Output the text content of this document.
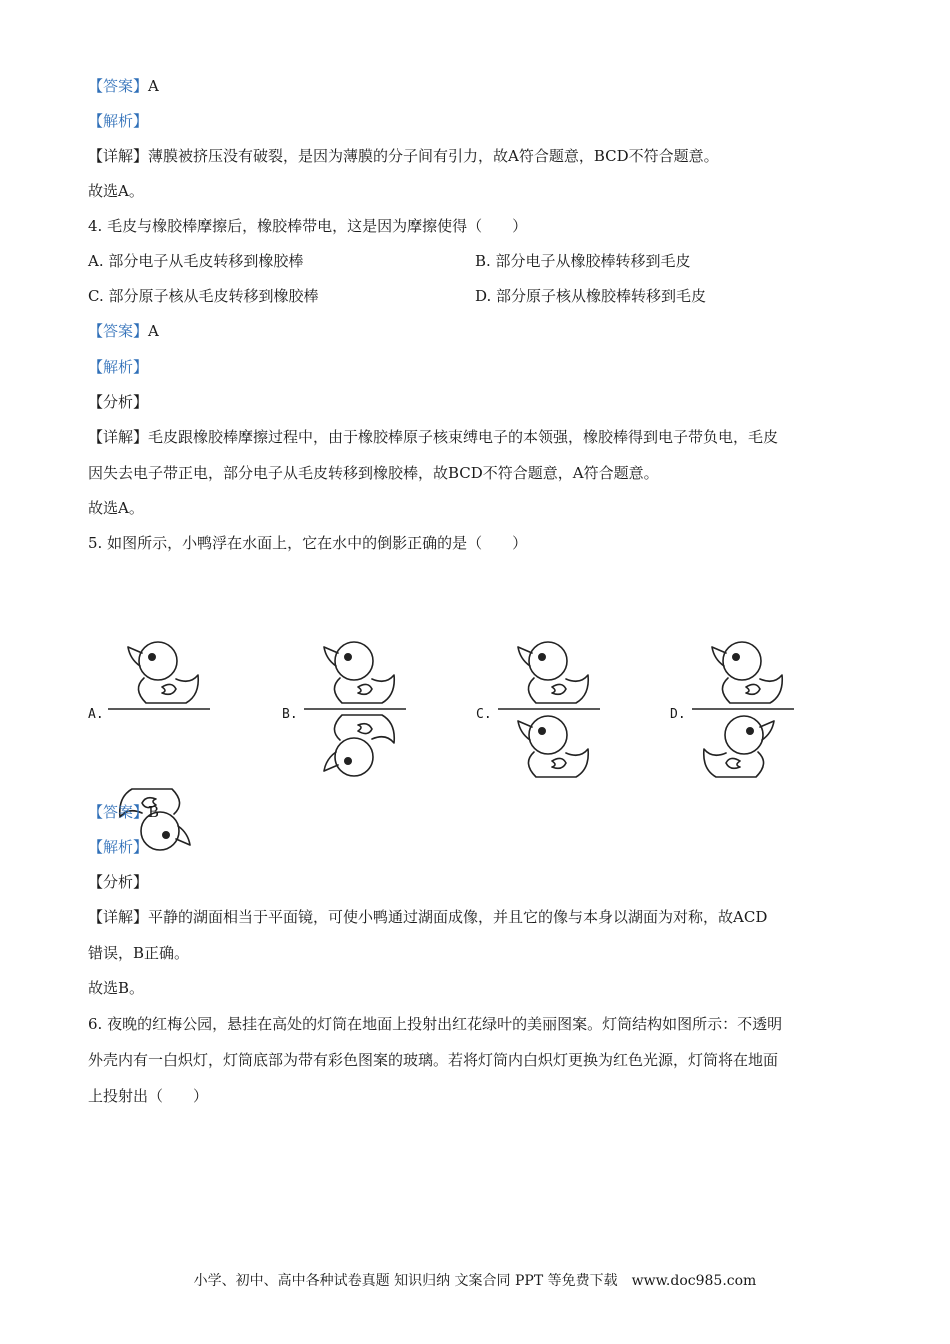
【答案】A
【解析】
【详解】薄膜被挤压没有破裂，是因为薄膜的分子间有引力，故A符合题意，BCD不符合题意。
故选A。
4. 毛皮与橡胶棒摩擦后，橡胶棒带电，这是因为摩擦使得（　　）
A. 部分电子从毛皮转移到橡胶棒	B. 部分电子从橡胶棒转移到毛皮
C. 部分原子核从毛皮转移到橡胶棒	D. 部分原子核从橡胶棒转移到毛皮
【答案】A
【解析】
【分析】
【详解】毛皮跟橡胶棒摩擦过程中，由于橡胶棒原子核束缚电子的本领强，橡胶棒得到电子带负电，毛皮
因失去电子带正电，部分电子从毛皮转移到橡胶棒，故BCD不符合题意，A符合题意。
故选A。
5. 如图所示，小鸭浮在水面上，它在水中的倒影正确的是（　　）
A.	B.	C.	D.
【答案】B
【解析】
【分析】
【详解】平静的湖面相当于平面镜，可使小鸭通过湖面成像，并且它的像与本身以湖面为对称，故ACD
错误，B正确。
故选B。
6. 夜晚的红梅公园，悬挂在高处的灯筒在地面上投射出红花绿叶的美丽图案。灯筒结构如图所示：不透明
外壳内有一白炽灯，灯筒底部为带有彩色图案的玻璃。若将灯筒内白炽灯更换为红色光源，灯筒将在地面
上投射出（　　）
小学、初中、高中各种试卷真题 知识归纳 文案合同 PPT 等免费下载　www.doc985.com
